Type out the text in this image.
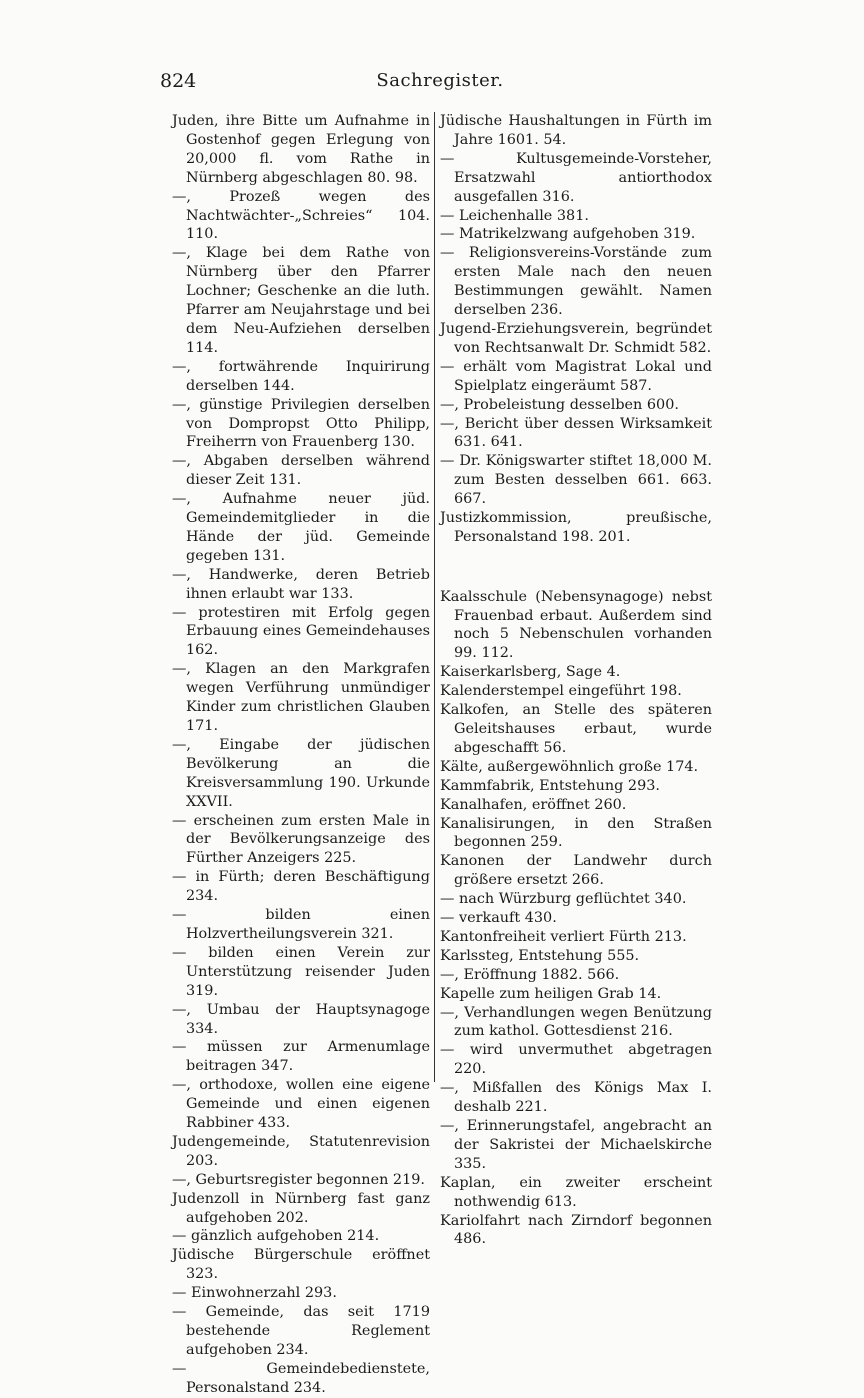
824	Sachregister.

Juden, ihre Bitte um Aufnahme in Gostenhof gegen Erlegung von 20,000 fl. vom Rathe in Nürnberg abgeschlagen 80. 98.

—, Prozeß wegen des Nachtwächter-„Schreies“ 104. 110.

—, Klage bei dem Rathe von Nürnberg über den Pfarrer Lochner; Geschenke an die luth. Pfarrer am Neujahrstage und bei dem Neu-Aufziehen derselben 114.

—, fortwährende Inquirirung derselben 144.

—, günstige Privilegien derselben von Dompropst Otto Philipp, Freiherrn von Frauenberg 130.

—, Abgaben derselben während dieser Zeit 131.

—, Aufnahme neuer jüd. Gemeindemitglieder in die Hände der jüd. Gemeinde gegeben 131.

—, Handwerke, deren Betrieb ihnen erlaubt war 133.

— protestiren mit Erfolg gegen Erbauung eines Gemeindehauses 162.

—, Klagen an den Markgrafen wegen Verführung unmündiger Kinder zum christlichen Glauben 171.

—, Eingabe der jüdischen Bevölkerung an die Kreisversammlung 190. Urkunde XXVII.

— erscheinen zum ersten Male in der Bevölkerungsanzeige des Fürther Anzeigers 225.

— in Fürth; deren Beschäftigung 234.

— bilden einen Holzvertheilungsverein 321.

— bilden einen Verein zur Unterstützung reisender Juden 319.

—, Umbau der Hauptsynagoge 334.

— müssen zur Armenumlage beitragen 347.

—, orthodoxe, wollen eine eigene Gemeinde und einen eigenen Rabbiner 433.

Judengemeinde, Statutenrevision 203.

—, Geburtsregister begonnen 219.

Judenzoll in Nürnberg fast ganz aufgehoben 202.

— gänzlich aufgehoben 214.

Jüdische Bürgerschule eröffnet 323.

— Einwohnerzahl 293.

— Gemeinde, das seit 1719 bestehende Reglement aufgehoben 234.

— Gemeindebedienstete, Personalstand 234.

Jüdische Haushaltungen in Fürth im Jahre 1601. 54.

— Kultusgemeinde-Vorsteher, Ersatzwahl antiorthodox ausgefallen 316.

— Leichenhalle 381.

— Matrikelzwang aufgehoben 319.

— Religionsvereins-Vorstände zum ersten Male nach den neuen Bestimmungen gewählt. Namen derselben 236.

Jugend-Erziehungsverein, begründet von Rechtsanwalt Dr. Schmidt 582.

— erhält vom Magistrat Lokal und Spielplatz eingeräumt 587.

—, Probeleistung desselben 600.

—, Bericht über dessen Wirksamkeit 631. 641.

— Dr. Königswarter stiftet 18,000 M. zum Besten desselben 661. 663. 667.

Justizkommission, preußische, Personalstand 198. 201.

Kaalsschule (Nebensynagoge) nebst Frauenbad erbaut. Außerdem sind noch 5 Nebenschulen vorhanden 99. 112.

Kaiserkarlsberg, Sage 4.

Kalenderstempel eingeführt 198.

Kalkofen, an Stelle des späteren Geleitshauses erbaut, wurde abgeschafft 56.

Kälte, außergewöhnlich große 174.

Kammfabrik, Entstehung 293.

Kanalhafen, eröffnet 260.

Kanalisirungen, in den Straßen begonnen 259.

Kanonen der Landwehr durch größere ersetzt 266.

— nach Würzburg geflüchtet 340.

— verkauft 430.

Kantonfreiheit verliert Fürth 213.

Karlssteg, Entstehung 555.

—, Eröffnung 1882. 566.

Kapelle zum heiligen Grab 14.

—, Verhandlungen wegen Benützung zum kathol. Gottesdienst 216.

— wird unvermuthet abgetragen 220.

—, Mißfallen des Königs Max I. deshalb 221.

—, Erinnerungstafel, angebracht an der Sakristei der Michaelskirche 335.

Kaplan, ein zweiter erscheint nothwendig 613.

Kariolfahrt nach Zirndorf begonnen 486.
